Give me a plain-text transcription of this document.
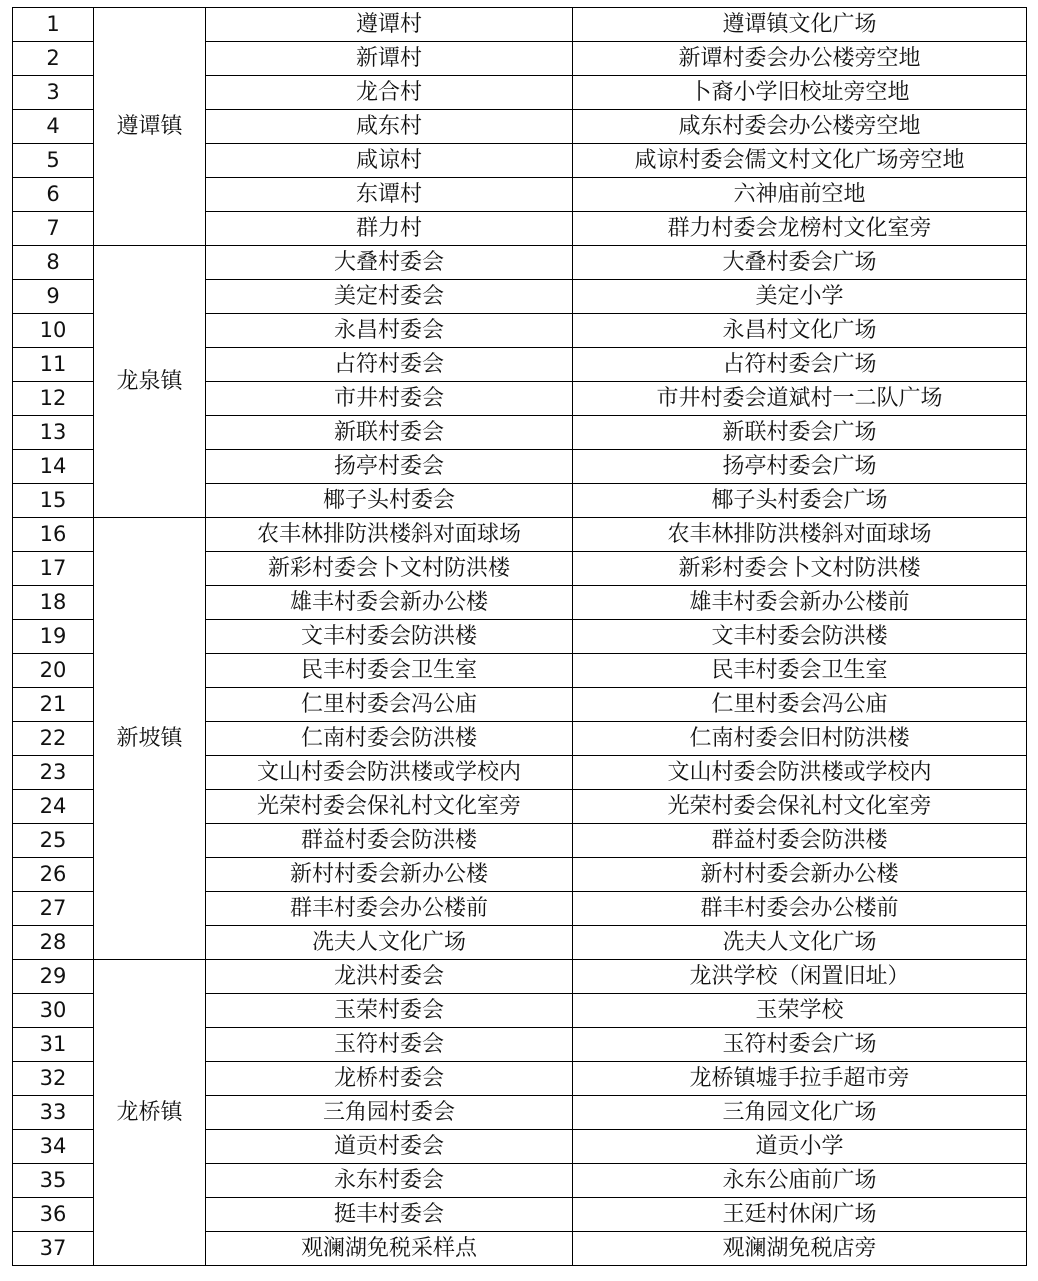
1	遵谭镇	遵谭村	遵谭镇文化广场
2		新谭村	新谭村委会办公楼旁空地
3		龙合村	卜裔小学旧校址旁空地
4		咸东村	咸东村委会办公楼旁空地
5		咸谅村	咸谅村委会儒文村文化广场旁空地
6		东谭村	六神庙前空地
7		群力村	群力村委会龙榜村文化室旁
8	龙泉镇	大叠村委会	大叠村委会广场
9		美定村委会	美定小学
10		永昌村委会	永昌村文化广场
11		占符村委会	占符村委会广场
12		市井村委会	市井村委会道斌村一二队广场
13		新联村委会	新联村委会广场
14		扬亭村委会	扬亭村委会广场
15		椰子头村委会	椰子头村委会广场
16	新坡镇	农丰林排防洪楼斜对面球场	农丰林排防洪楼斜对面球场
17		新彩村委会卜文村防洪楼	新彩村委会卜文村防洪楼
18		雄丰村委会新办公楼	雄丰村委会新办公楼前
19		文丰村委会防洪楼	文丰村委会防洪楼
20		民丰村委会卫生室	民丰村委会卫生室
21		仁里村委会冯公庙	仁里村委会冯公庙
22		仁南村委会防洪楼	仁南村委会旧村防洪楼
23		文山村委会防洪楼或学校内	文山村委会防洪楼或学校内
24		光荣村委会保礼村文化室旁	光荣村委会保礼村文化室旁
25		群益村委会防洪楼	群益村委会防洪楼
26		新村村委会新办公楼	新村村委会新办公楼
27		群丰村委会办公楼前	群丰村委会办公楼前
28		冼夫人文化广场	冼夫人文化广场
29	龙桥镇	龙洪村委会	龙洪学校（闲置旧址）
30		玉荣村委会	玉荣学校
31		玉符村委会	玉符村委会广场
32		龙桥村委会	龙桥镇墟手拉手超市旁
33		三角园村委会	三角园文化广场
34		道贡村委会	道贡小学
35		永东村委会	永东公庙前广场
36		挺丰村委会	王廷村休闲广场
37		观澜湖免税采样点	观澜湖免税店旁
